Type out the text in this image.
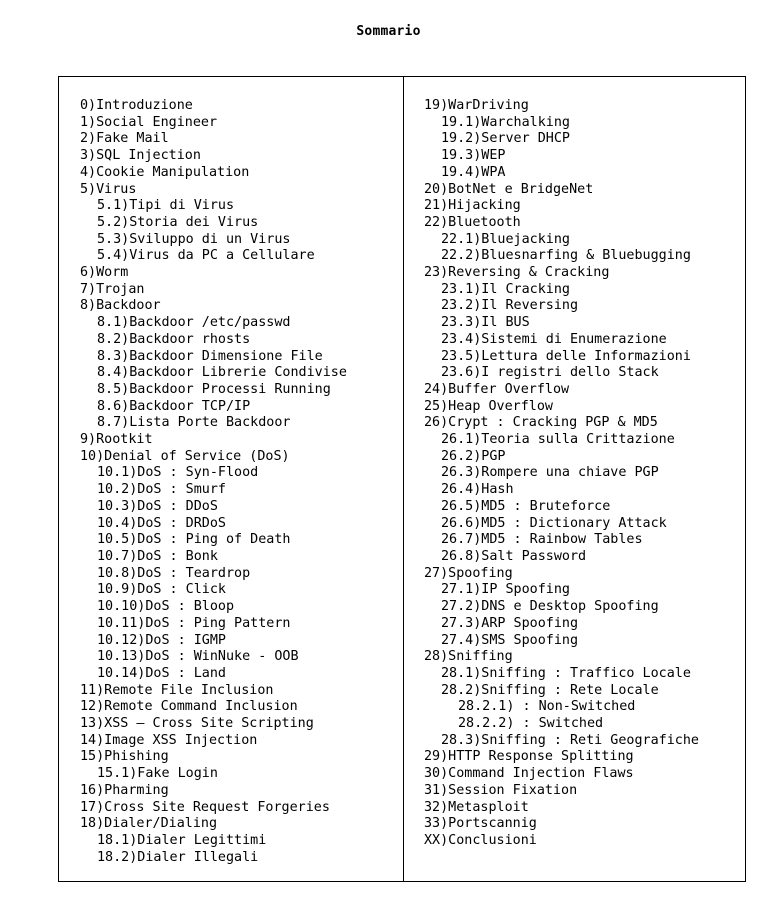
Sommario
0)Introduzione
1)Social Engineer
2)Fake Mail
3)SQL Injection
4)Cookie Manipulation
5)Virus
5.1)Tipi di Virus
5.2)Storia dei Virus
5.3)Sviluppo di un Virus
5.4)Virus da PC a Cellulare
6)Worm
7)Trojan
8)Backdoor
8.1)Backdoor /etc/passwd
8.2)Backdoor rhosts
8.3)Backdoor Dimensione File
8.4)Backdoor Librerie Condivise
8.5)Backdoor Processi Running
8.6)Backdoor TCP/IP
8.7)Lista Porte Backdoor
9)Rootkit
10)Denial of Service (DoS)
10.1)DoS : Syn-Flood
10.2)DoS : Smurf
10.3)DoS : DDoS
10.4)DoS : DRDoS
10.5)DoS : Ping of Death
10.7)DoS : Bonk
10.8)DoS : Teardrop
10.9)DoS : Click
10.10)DoS : Bloop
10.11)DoS : Ping Pattern
10.12)DoS : IGMP
10.13)DoS : WinNuke - OOB
10.14)DoS : Land
11)Remote File Inclusion
12)Remote Command Inclusion
13)XSS – Cross Site Scripting
14)Image XSS Injection
15)Phishing
15.1)Fake Login
16)Pharming
17)Cross Site Request Forgeries
18)Dialer/Dialing
18.1)Dialer Legittimi
18.2)Dialer Illegali
19)WarDriving
19.1)Warchalking
19.2)Server DHCP
19.3)WEP
19.4)WPA
20)BotNet e BridgeNet
21)Hijacking
22)Bluetooth
22.1)Bluejacking
22.2)Bluesnarfing & Bluebugging
23)Reversing & Cracking
23.1)Il Cracking
23.2)Il Reversing
23.3)Il BUS
23.4)Sistemi di Enumerazione
23.5)Lettura delle Informazioni
23.6)I registri dello Stack
24)Buffer Overflow
25)Heap Overflow
26)Crypt : Cracking PGP & MD5
26.1)Teoria sulla Crittazione
26.2)PGP
26.3)Rompere una chiave PGP
26.4)Hash
26.5)MD5 : Bruteforce
26.6)MD5 : Dictionary Attack
26.7)MD5 : Rainbow Tables
26.8)Salt Password
27)Spoofing
27.1)IP Spoofing
27.2)DNS e Desktop Spoofing
27.3)ARP Spoofing
27.4)SMS Spoofing
28)Sniffing
28.1)Sniffing : Traffico Locale
28.2)Sniffing : Rete Locale
28.2.1) : Non-Switched
28.2.2) : Switched
28.3)Sniffing : Reti Geografiche
29)HTTP Response Splitting
30)Command Injection Flaws
31)Session Fixation
32)Metasploit
33)Portscannig
XX)Conclusioni
